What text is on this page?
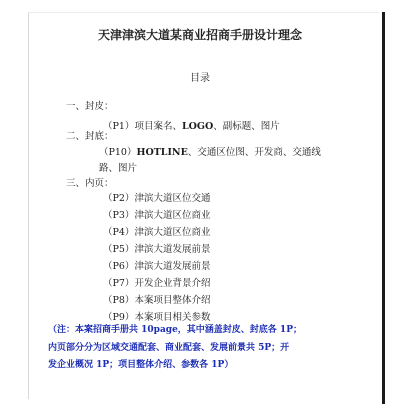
天津津滨大道某商业招商手册设计理念
目录
一、封皮：
（P1）项目案名、LOGO、副标题、图片
二、封底：
（P10）HOTLINE、交通区位图、开发商、交通线
路、图片
三、内页：
（P2）津滨大道区位交通
（P3）津滨大道区位商业
（P4）津滨大道区位商业
（P5）津滨大道发展前景
（P6）津滨大道发展前景
（P7）开发企业背景介绍
（P8）本案项目整体介绍
（P9）本案项目相关参数
（注：本案招商手册共 10page，其中涵盖封皮、封底各 1P；
内页部分分为区域交通配套、商业配套、发展前景共 5P；开
发企业概况 1P；项目整体介绍、参数各 1P）
